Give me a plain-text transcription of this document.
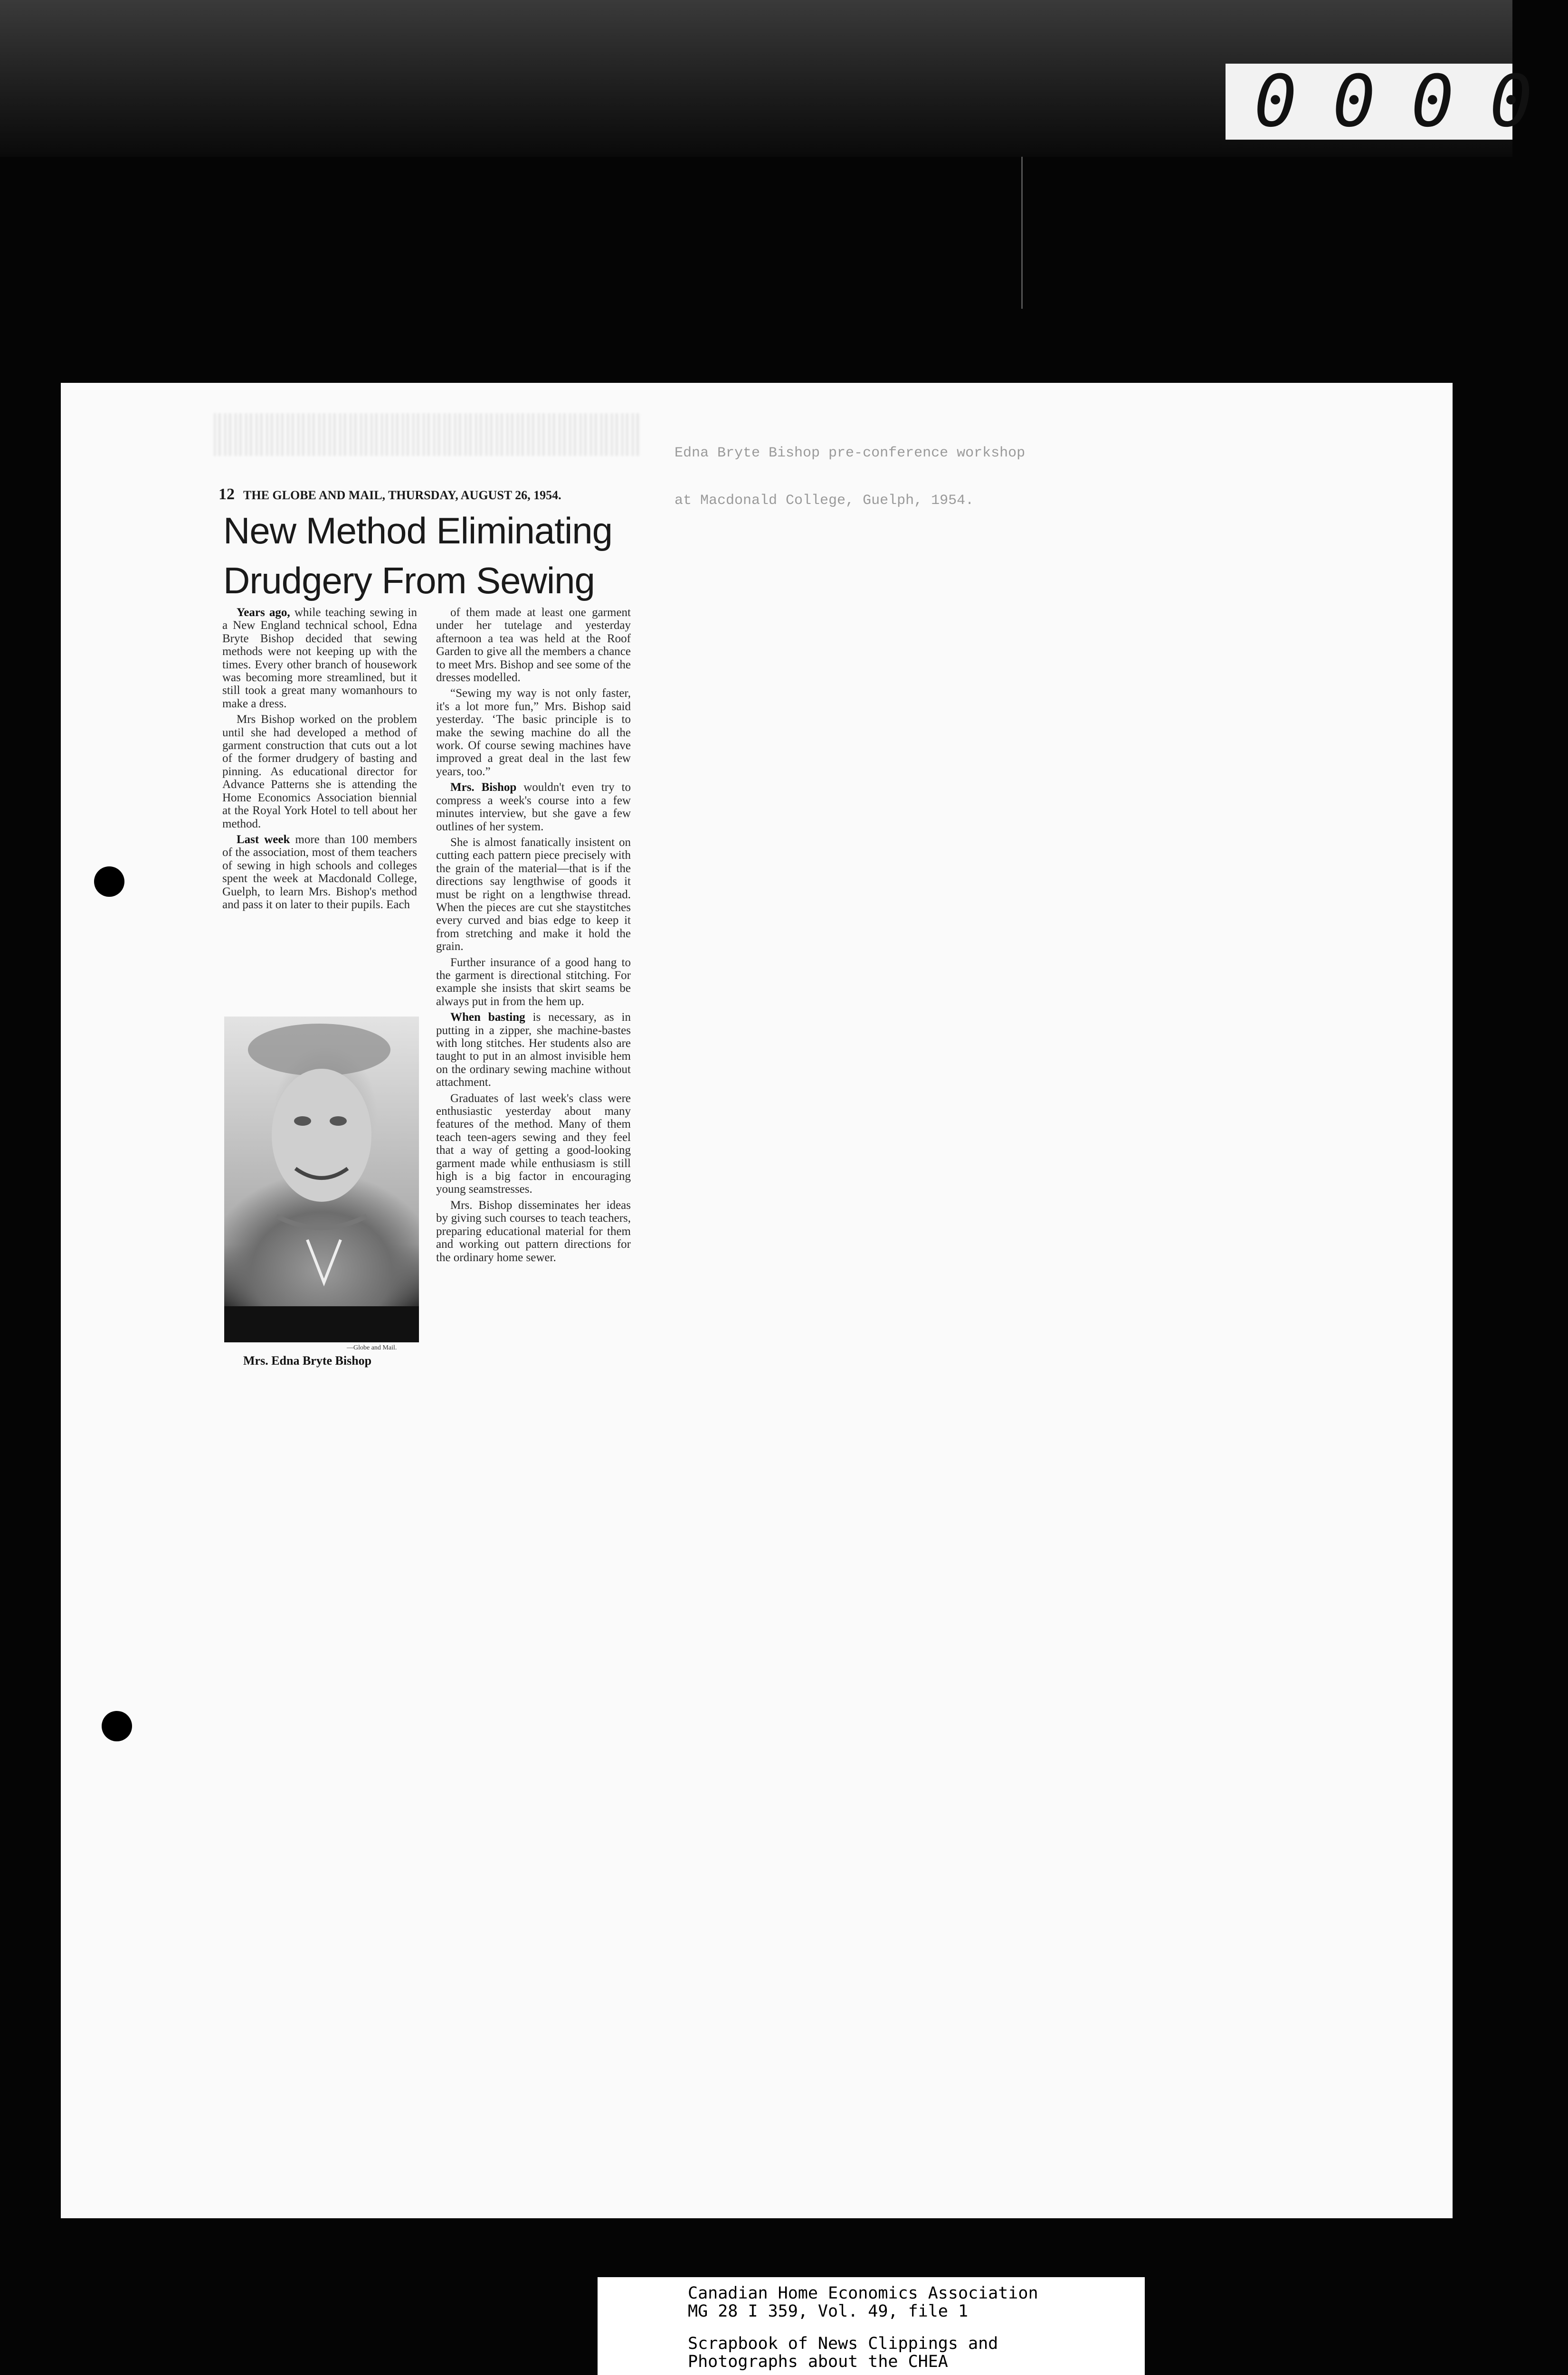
0000
Edna Bryte Bishop pre-conference workshop
at Macdonald College, Guelph, 1954.
12 THE GLOBE AND MAIL, THURSDAY, AUGUST 26, 1954.
New Method Eliminating
Drudgery From Sewing

Years ago, while teaching sewing in a New England technical school, Edna Bryte Bishop decided that sewing methods were not keeping up with the times. Every other branch of housework was becoming more streamlined, but it still took a great many womanhours to make a dress.

Mrs Bishop worked on the problem until she had developed a method of garment construction that cuts out a lot of the former drudgery of basting and pinning. As educational director for Advance Patterns she is attending the Home Economics Association biennial at the Royal York Hotel to tell about her method.

Last week more than 100 members of the association, most of them teachers of sewing in high schools and colleges spent the week at Macdonald College, Guelph, to learn Mrs. Bishop's method and pass it on later to their pupils. Each

of them made at least one garment under her tutelage and yesterday afternoon a tea was held at the Roof Garden to give all the members a chance to meet Mrs. Bishop and see some of the dresses modelled.

“Sewing my way is not only faster, it's a lot more fun,” Mrs. Bishop said yesterday. ‘The basic principle is to make the sewing machine do all the work. Of course sewing machines have improved a great deal in the last few years, too.”

Mrs. Bishop wouldn't even try to compress a week's course into a few minutes interview, but she gave a few outlines of her system.

She is almost fanatically insistent on cutting each pattern piece precisely with the grain of the material—that is if the directions say lengthwise of goods it must be right on a lengthwise thread. When the pieces are cut she staystitches every curved and bias edge to keep it from stretching and make it hold the grain.

Further insurance of a good hang to the garment is directional stitching. For example she insists that skirt seams be always put in from the hem up.

When basting is necessary, as in putting in a zipper, she machine-bastes with long stitches. Her students also are taught to put in an almost invisible hem on the ordinary sewing machine without attachment.

Graduates of last week's class were enthusiastic yesterday about many features of the method. Many of them teach teen-agers sewing and they feel that a way of getting a good-looking garment made while enthusiasm is still high is a big factor in encouraging young seamstresses.

Mrs. Bishop disseminates her ideas by giving such courses to teach teachers, preparing educational material for them and working out pattern directions for the ordinary home sewer.

—Globe and Mail.
Mrs. Edna Bryte Bishop
Canadian Home Economics Association
MG 28 I 359, Vol. 49, file 1
Scrapbook of News Clippings and
Photographs about the CHEA
